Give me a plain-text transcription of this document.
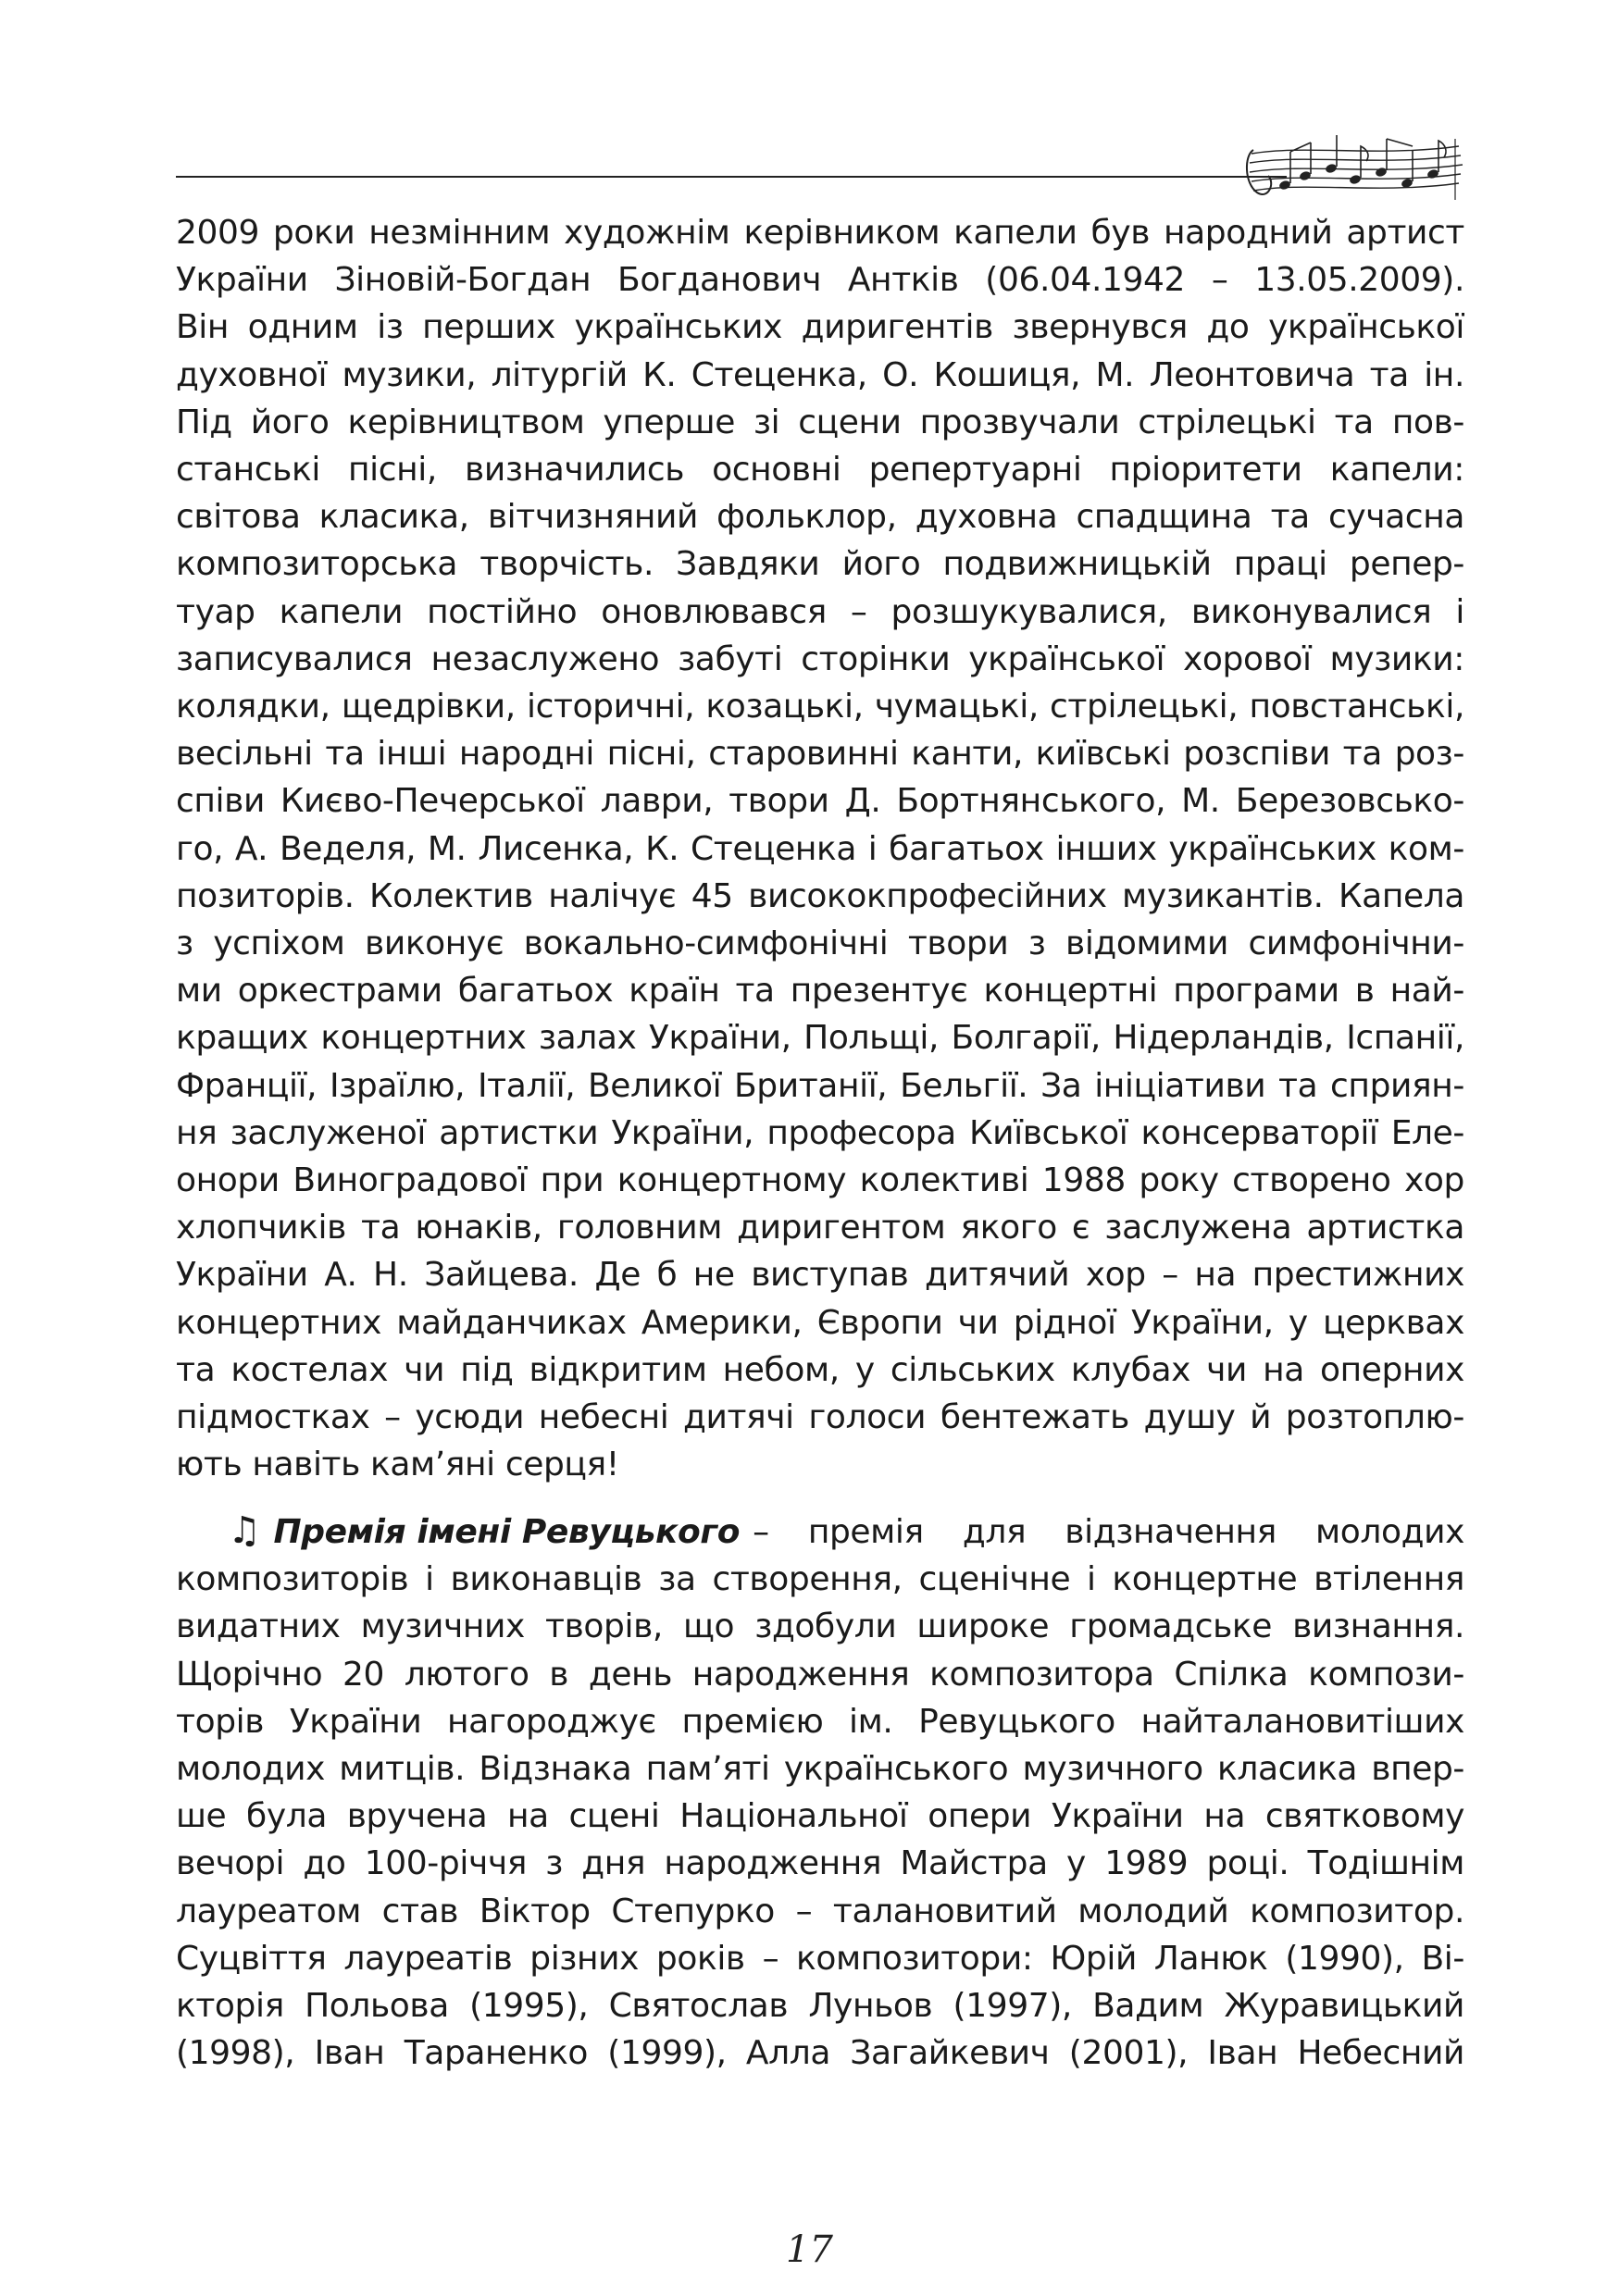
2009 роки незмінним художнім керівником капели був народний артист
України Зіновій-Богдан Богданович Антків (06.04.1942 – 13.05.2009).
Він одним із перших українських диригентів звернувся до української
духовної музики, літургій К. Стеценка, О. Кошиця, М. Леонтовича та ін.
Під його керівництвом уперше зі сцени прозвучали стрілецькі та пов-
станські пісні, визначились основні репертуарні пріоритети капели:
світова класика, вітчизняний фольклор, духовна спадщина та сучасна
композиторська творчість. Завдяки його подвижницькій праці репер-
туар капели постійно оновлювався – розшукувалися, виконувалися і
записувалися незаслужено забуті сторінки української хорової музики:
колядки, щедрівки, історичні, козацькі, чумацькі, стрілецькі, повстанські,
весільні та інші народні пісні, старовинні канти, київські розспіви та роз-
співи Києво-Печерської лаври, твори Д. Бортнянського, М. Березовсько-
го, А. Веделя, М. Лисенка, К. Стеценка і багатьох інших українських ком-
позиторів. Колектив налічує 45 висококпрофесійних музикантів. Капела
з успіхом виконує вокально-симфонічні твори з відомими симфонічни-
ми оркестрами багатьох країн та презентує концертні програми в най-
кращих концертних залах України, Польщі, Болгарії, Нідерландів, Іспанії,
Франції, Ізраїлю, Італії, Великої Британії, Бельгії. За ініціативи та сприян-
ня заслуженої артистки України, професора Київської консерваторії Еле-
онори Виноградової при концертному колективі 1988 року створено хор
хлопчиків та юнаків, головним диригентом якого є заслужена артистка
України А. Н. Зайцева. Де б не виступав дитячий хор – на престижних
концертних майданчиках Америки, Європи чи рідної України, у церквах
та костелах чи під відкритим небом, у сільських клубах чи на оперних
підмостках – усюди небесні дитячі голоси бентежать душу й розтоплю-
ють навіть кам’яні серця!
♫ Премія імені Ревуцького – премія для відзначення молодих
композиторів і виконавців за створення, сценічне і концертне втілення
видатних музичних творів, що здобули широке громадське визнання.
Щорічно 20 лютого в день народження композитора Спілка компози-
торів України нагороджує премією ім. Ревуцького найталановитіших
молодих митців. Відзнака пам’яті українського музичного класика впер-
ше була вручена на сцені Національної опери України на святковому
вечорі до 100-річчя з дня народження Майстра у 1989 році. Тодішнім
лауреатом став Віктор Степурко – талановитий молодий композитор.
Суцвіття лауреатів різних років – композитори: Юрій Ланюк (1990), Ві-
кторія Польова (1995), Святослав Луньов (1997), Вадим Журавицький
(1998), Іван Тараненко (1999), Алла Загайкевич (2001), Іван Небесний
17
